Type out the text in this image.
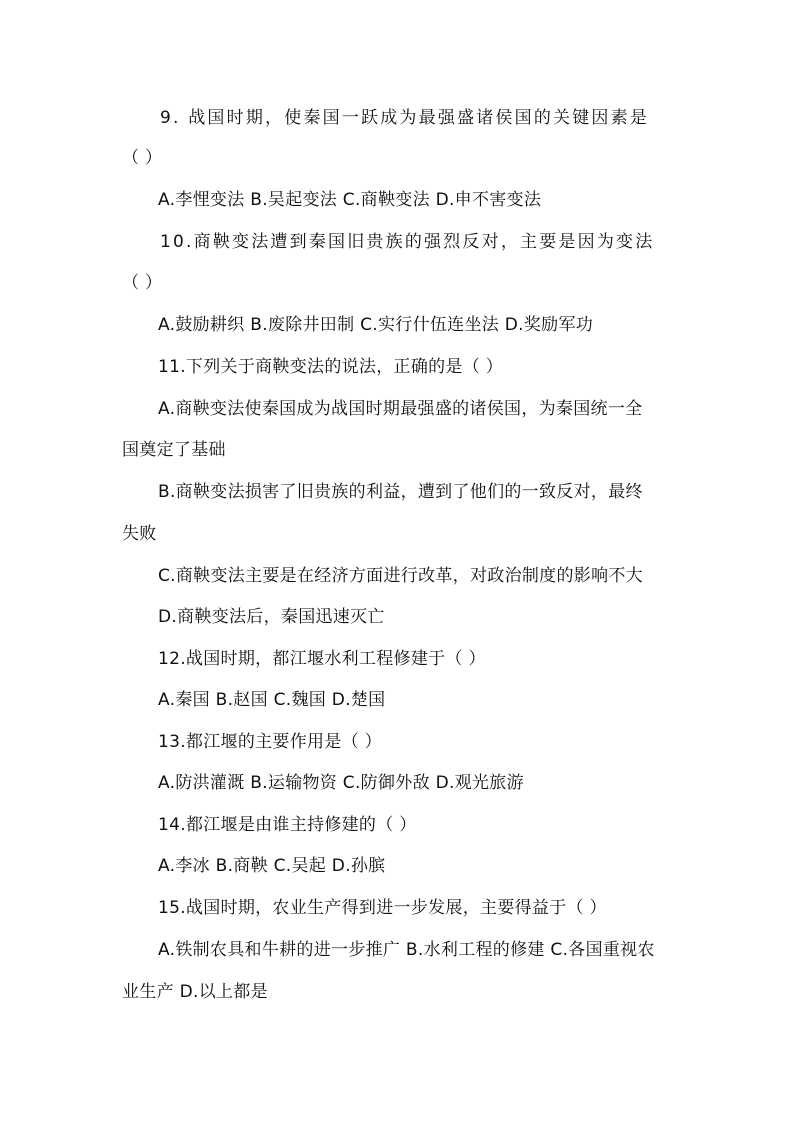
9. 战国时期，使秦国一跃成为最强盛诸侯国的关键因素是
（ ）
A.李悝变法 B.吴起变法 C.商鞅变法 D.申不害变法
10.商鞅变法遭到秦国旧贵族的强烈反对，主要是因为变法
（ ）
A.鼓励耕织 B.废除井田制 C.实行什伍连坐法 D.奖励军功
11.下列关于商鞅变法的说法，正确的是（ ）
A.商鞅变法使秦国成为战国时期最强盛的诸侯国，为秦国统一全
国奠定了基础
B.商鞅变法损害了旧贵族的利益，遭到了他们的一致反对，最终
失败
C.商鞅变法主要是在经济方面进行改革，对政治制度的影响不大
D.商鞅变法后，秦国迅速灭亡
12.战国时期，都江堰水利工程修建于（ ）
A.秦国 B.赵国 C.魏国 D.楚国
13.都江堰的主要作用是（ ）
A.防洪灌溉 B.运输物资 C.防御外敌 D.观光旅游
14.都江堰是由谁主持修建的（ ）
A.李冰 B.商鞅 C.吴起 D.孙膑
15.战国时期，农业生产得到进一步发展，主要得益于（ ）
A.铁制农具和牛耕的进一步推广 B.水利工程的修建 C.各国重视农
业生产 D.以上都是
